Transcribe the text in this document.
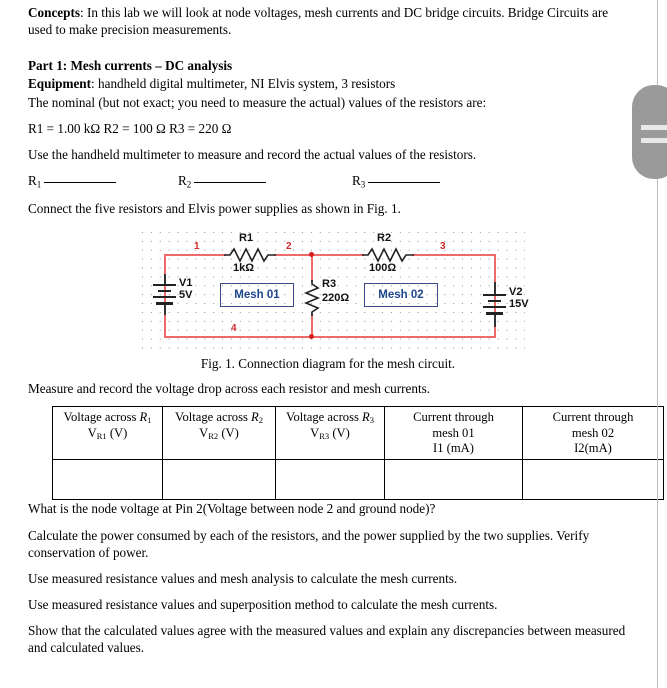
Concepts: In this lab we will look at node voltages, mesh currents and DC bridge circuits. Bridge Circuits are used to make precision measurements.

Part 1: Mesh currents – DC analysis

Equipment: handheld digital multimeter, NI Elvis system, 3 resistors

The nominal (but not exact; you need to measure the actual) values of the resistors are:

R1 = 1.00 kΩ R2 = 100 Ω R3 = 220 Ω

Use the handheld multimeter to measure and record the actual values of the resistors.

$R_1$	$R_2$	$R_3$

Connect the five resistors and Elvis power supplies as shown in Fig. 1.

V1
5V	V2
15V
R1
1kΩ
R2
100Ω
R3
220Ω
Mesh 01	Mesh 02
1	2	3
4
Fig. 1. Connection diagram for the mesh circuit.

Measure and record the voltage drop across each resistor and mesh currents.

Voltage across R1
VR1 (V)	Voltage across R2
VR2 (V)	Voltage across R3
VR3 (V)	Current through
mesh 01
I1 (mA)	Current through
mesh 02
I2(mA)

What is the node voltage at Pin 2(Voltage between node 2 and ground node)?

Calculate the power consumed by each of the resistors, and the power supplied by the two supplies. Verify conservation of power.

Use measured resistance values and mesh analysis to calculate the mesh currents.

Use measured resistance values and superposition method to calculate the mesh currents.

Show that the calculated values agree with the measured values and explain any discrepancies between measured and calculated values.
